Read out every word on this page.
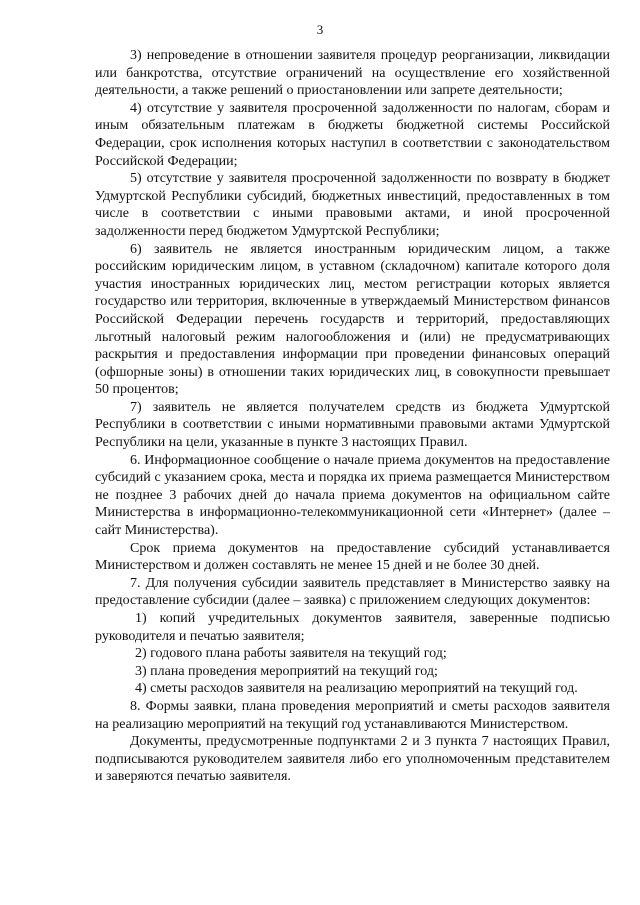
3

3) непроведение в отношении заявителя процедур реорганизации, ликвидации или банкротства, отсутствие ограничений на осуществление его хозяйственной деятельности, а также решений о приостановлении или запрете деятельности;

4) отсутствие у заявителя просроченной задолженности по налогам, сборам и иным обязательным платежам в бюджеты бюджетной системы Российской Федерации, срок исполнения которых наступил в соответствии с законодательством Российской Федерации;

5) отсутствие у заявителя просроченной задолженности по возврату в бюджет Удмуртской Республики субсидий, бюджетных инвестиций, предоставленных в том числе в соответствии с иными правовыми актами, и иной просроченной задолженности перед бюджетом Удмуртской Республики;

6) заявитель не является иностранным юридическим лицом, а также российским юридическим лицом, в уставном (складочном) капитале которого доля участия иностранных юридических лиц, местом регистрации которых является государство или территория, включенные в утверждаемый Министерством финансов Российской Федерации перечень государств и территорий, предоставляющих льготный налоговый режим налогообложения и (или) не предусматривающих раскрытия и предоставления информации при проведении финансовых операций (офшорные зоны) в отношении таких юридических лиц, в совокупности превышает 50 процентов;

7) заявитель не является получателем средств из бюджета Удмуртской Республики в соответствии с иными нормативными правовыми актами Удмуртской Республики на цели, указанные в пункте 3 настоящих Правил.

6. Информационное сообщение о начале приема документов на предоставление субсидий с указанием срока, места и порядка их приема размещается Министерством не позднее 3 рабочих дней до начала приема документов на официальном сайте Министерства в информационно-телекоммуникационной сети «Интернет» (далее – сайт Министерства).

Срок приема документов на предоставление субсидий устанавливается Министерством и должен составлять не менее 15 дней и не более 30 дней.

7. Для получения субсидии заявитель представляет в Министерство заявку на предоставление субсидии (далее – заявка) с приложением следующих документов:

1) копий учредительных документов заявителя, заверенные подписью руководителя и печатью заявителя;

2) годового плана работы заявителя на текущий год;

3) плана проведения мероприятий на текущий год;

4) сметы расходов заявителя на реализацию мероприятий на текущий год.

8. Формы заявки, плана проведения мероприятий и сметы расходов заявителя на реализацию мероприятий на текущий год устанавливаются Министерством.

Документы, предусмотренные подпунктами 2 и 3 пункта 7 настоящих Правил, подписываются руководителем заявителя либо его уполномоченным представителем и заверяются печатью заявителя.
